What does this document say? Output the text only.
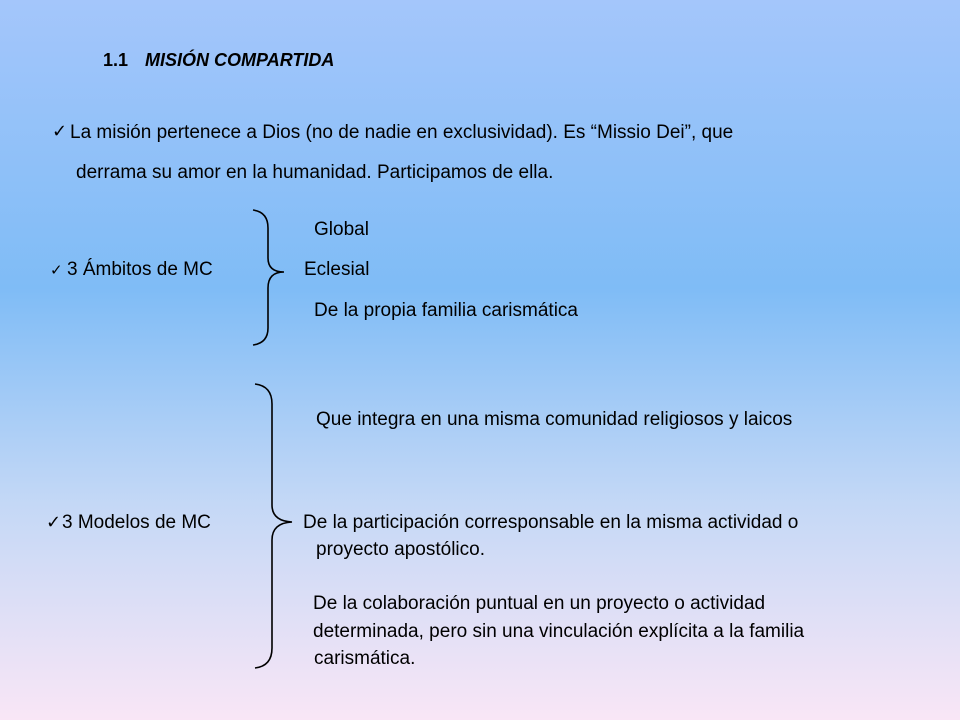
1.1 MISIÓN COMPARTIDA
✓ La misión pertenece a Dios (no de nadie en exclusividad). Es “Missio Dei”, que
derrama su amor en la humanidad. Participamos de ella.
✓ 3 Ámbitos de MC
Global
Eclesial
De la propia familia carismática
✓ 3 Modelos de MC
Que integra en una misma comunidad religiosos y laicos
De la participación corresponsable en la misma actividad o
proyecto apostólico.
De la colaboración puntual en un proyecto o actividad
determinada, pero sin una vinculación explícita a la familia
carismática.
